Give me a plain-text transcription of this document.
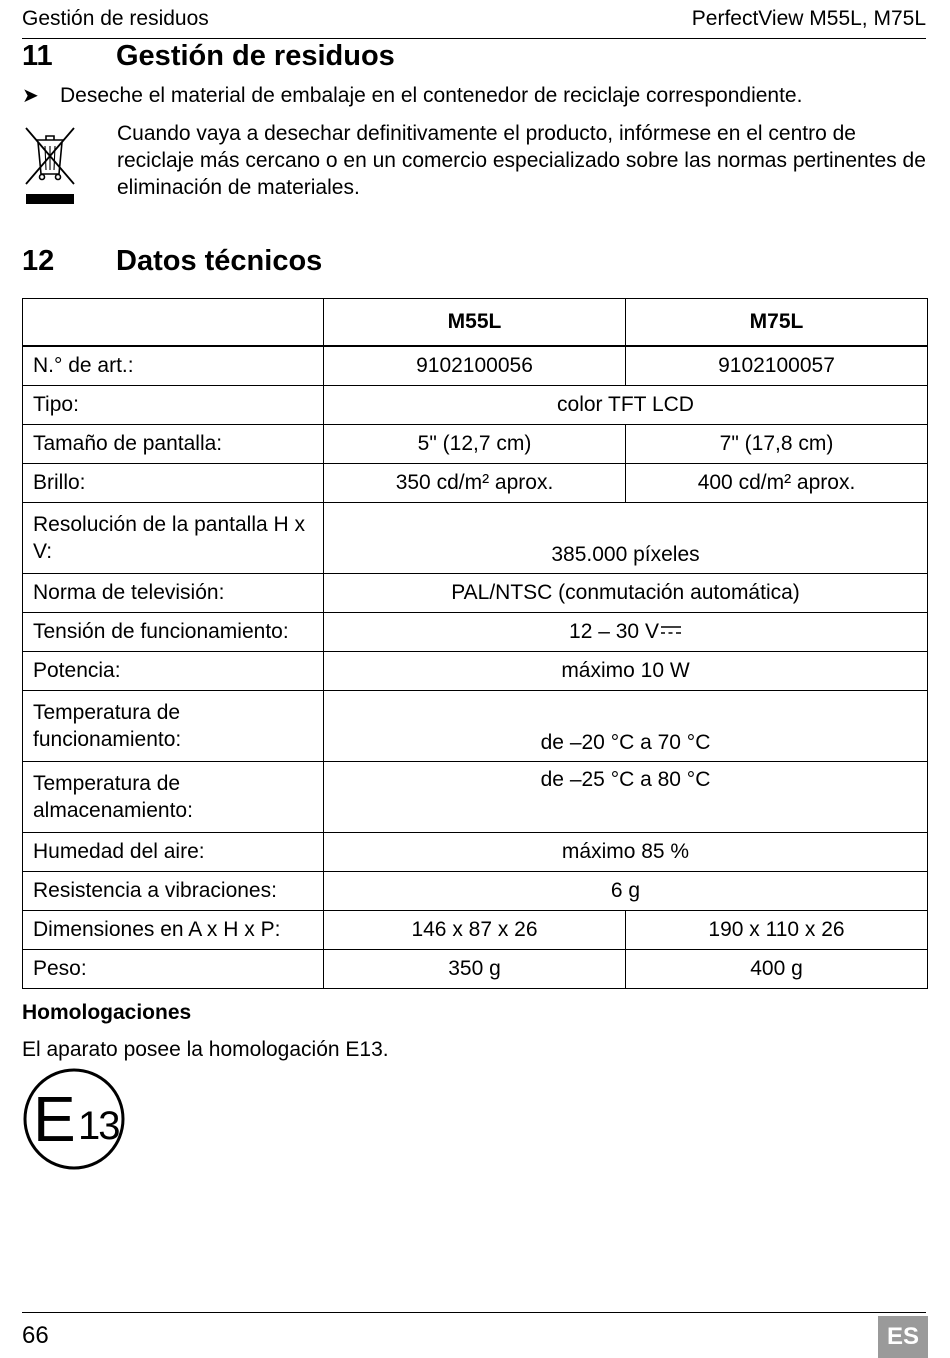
Gestión de residuos	PerfectView M55L, M75L
11 Gestión de residuos
➤ Deseche el material de embalaje en el contenedor de reciclaje correspondiente.
Cuando vaya a desechar definitivamente el producto, infórmese en el centro de reciclaje más cercano o en un comercio especializado sobre las normas pertinentes de eliminación de materiales.
12 Datos técnicos
	M55L	M75L
N.° de art.:	9102100056	9102100057
Tipo:	color TFT LCD	
Tamaño de pantalla:	5" (12,7 cm)	7" (17,8 cm)
Brillo:	350 cd/m² aprox.	400 cd/m² aprox.
Resolución de la pantalla H x V:	385.000 píxeles	
Norma de televisión:	PAL/NTSC (conmutación automática)	
Tensión de funcionamiento:	12 – 30 V	
Potencia:	máximo 10 W	
Temperatura de funcionamiento:	de –20 °C a 70 °C	
Temperatura de almacenamiento:	de –25 °C a 80 °C	
Humedad del aire:	máximo 85 %	
Resistencia a vibraciones:	6 g	
Dimensiones en A x H x P:	146 x 87 x 26	190 x 110 x 26
Peso:	350 g	400 g
Homologaciones
El aparato posee la homologación E13.
E 13
66	ES
